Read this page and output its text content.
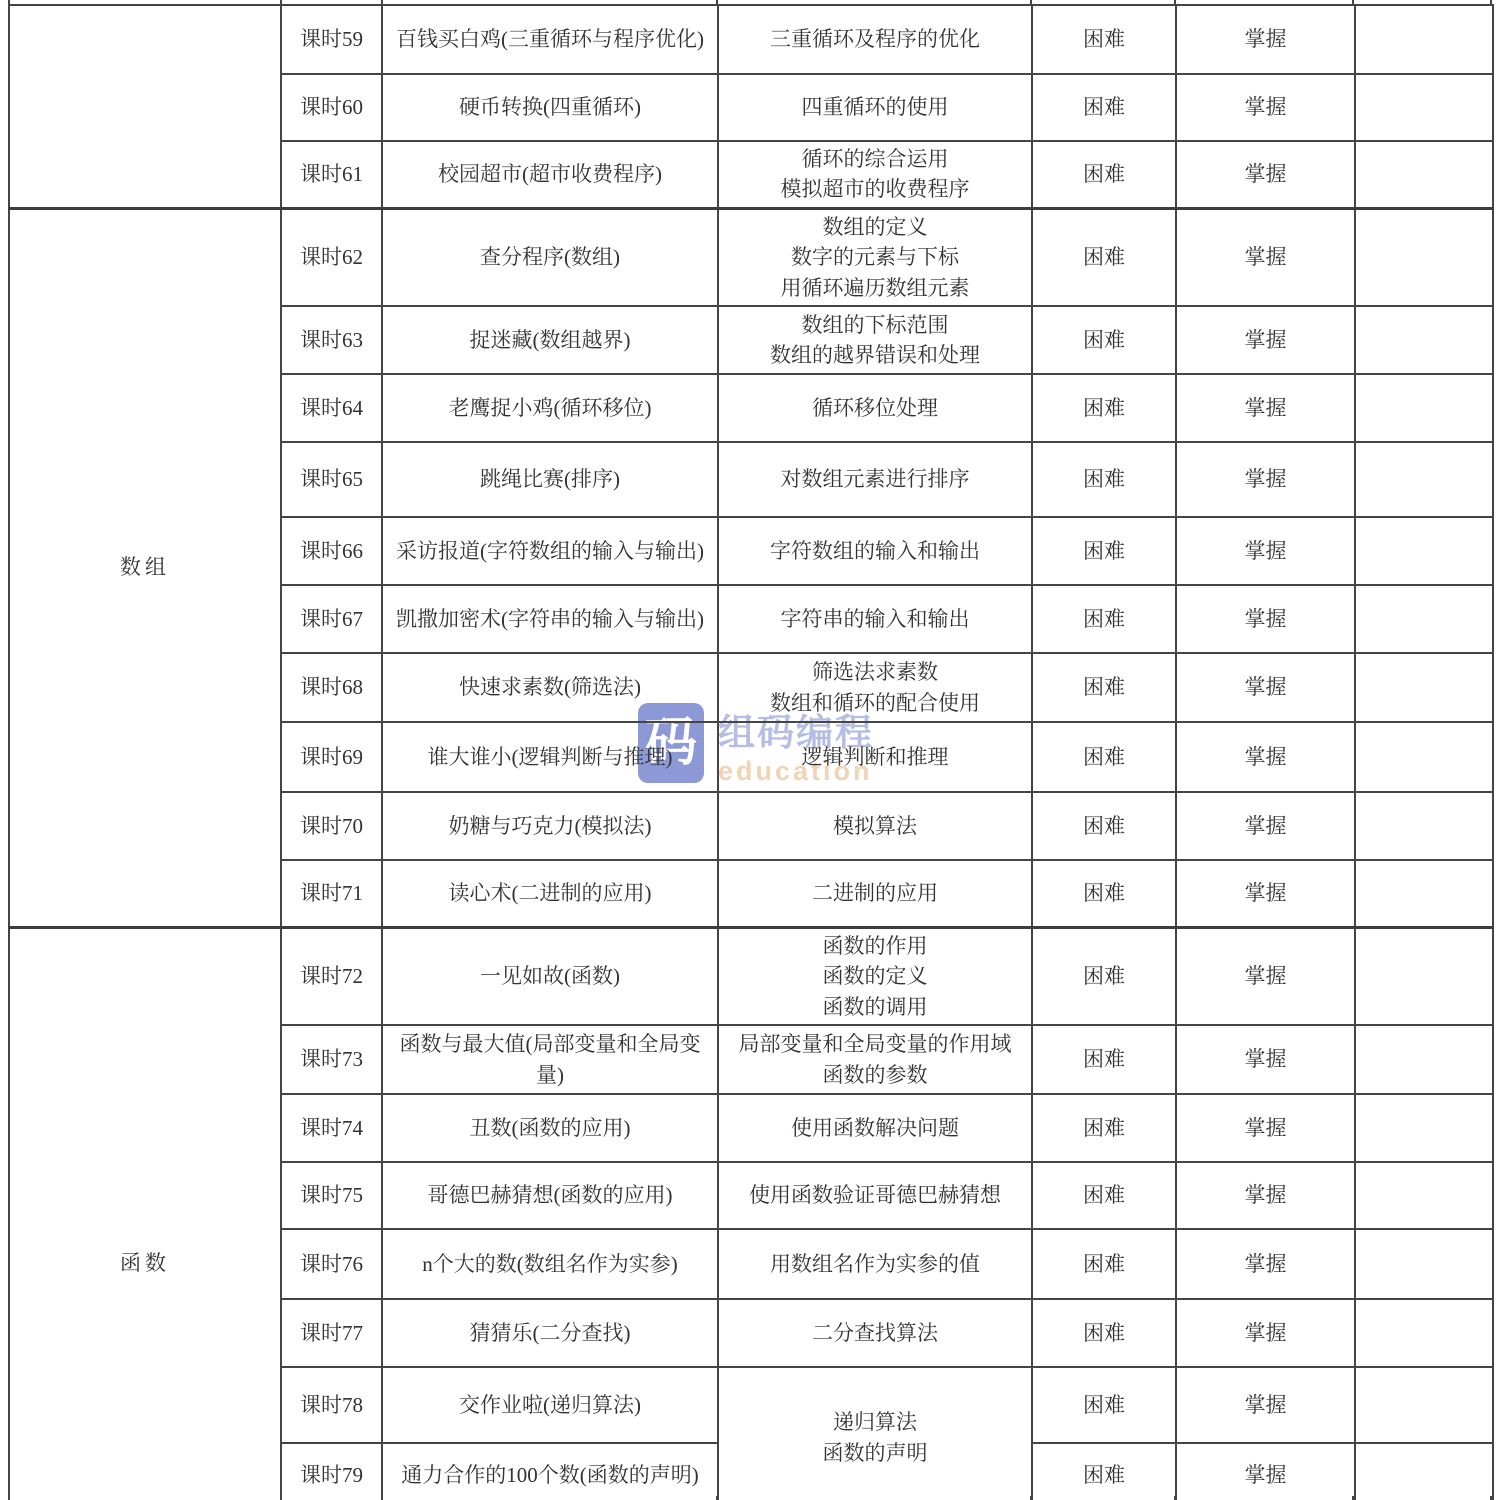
码 组码编程
education
	课时59	百钱买白鸡(三重循环与程序优化)	三重循环及程序的优化	困难	掌握	
	课时60	硬币转换(四重循环)	四重循环的使用	困难	掌握	
	课时61	校园超市(超市收费程序)	循环的综合运用
模拟超市的收费程序	困难	掌握	
数组	课时62	查分程序(数组)	数组的定义
数字的元素与下标
用循环遍历数组元素	困难	掌握	
	课时63	捉迷藏(数组越界)	数组的下标范围
数组的越界错误和处理	困难	掌握	
	课时64	老鹰捉小鸡(循环移位)	循环移位处理	困难	掌握	
	课时65	跳绳比赛(排序)	对数组元素进行排序	困难	掌握	
	课时66	采访报道(字符数组的输入与输出)	字符数组的输入和输出	困难	掌握	
	课时67	凯撒加密术(字符串的输入与输出)	字符串的输入和输出	困难	掌握	
	课时68	快速求素数(筛选法)	筛选法求素数
数组和循环的配合使用	困难	掌握	
	课时69	谁大谁小(逻辑判断与推理)	逻辑判断和推理	困难	掌握	
	课时70	奶糖与巧克力(模拟法)	模拟算法	困难	掌握	
	课时71	读心术(二进制的应用)	二进制的应用	困难	掌握	

函数	课时72	一见如故(函数)	函数的作用
函数的定义
函数的调用	困难	掌握	
	课时73	函数与最大值(局部变量和全局变量)	局部变量和全局变量的作用域
函数的参数	困难	掌握	
	课时74	丑数(函数的应用)	使用函数解决问题	困难	掌握	
	课时75	哥德巴赫猜想(函数的应用)	使用函数验证哥德巴赫猜想	困难	掌握	
	课时76	n个大的数(数组名作为实参)	用数组名作为实参的值	困难	掌握	
	课时77	猜猜乐(二分查找)	二分查找算法	困难	掌握	
	课时78	交作业啦(递归算法)	递归算法
函数的声明	困难	掌握	
	课时79	通力合作的100个数(函数的声明)		困难	掌握	
